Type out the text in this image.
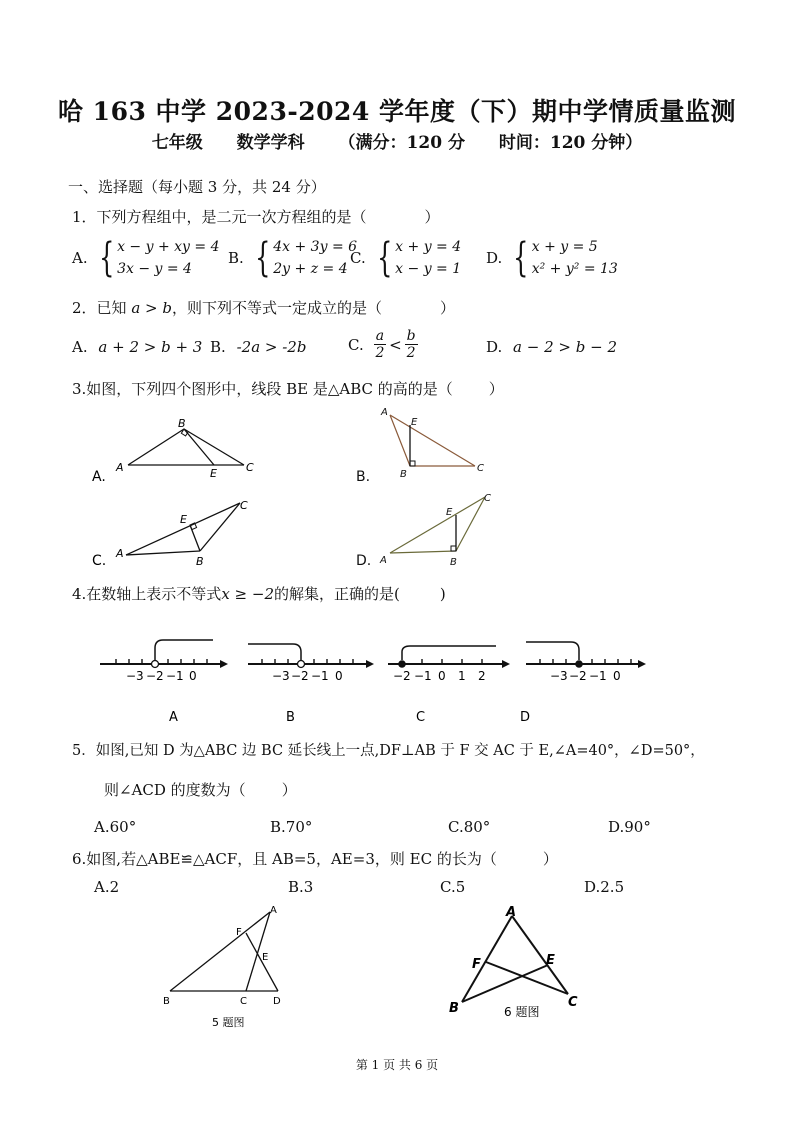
哈 163 中学 2023-2024 学年度（下）期中学情质量监测
七年级 数学学科 （满分：120 分 时间：120 分钟）
一、选择题（每小题 3 分，共 24 分）
1．下列方程组中，是二元一次方程组的是（	）
A. { x − y + xy = 4
3x − y = 4
B. { 4x + 3y = 6
2y + z = 4
C. { x + y = 4
x − y = 1
D. { x + y = 5
x² + y² = 13
2．已知 a > b，则下列不等式一定成立的是（	）
A. a + 2 > b + 3 B. -2a > -2b	C. $\frac{a}{2} < \frac{b}{2}$	D. a − 2 > b − 2
3.如图，下列四个图形中，线段 BE 是△ABC 的高的是（ ）
B
A	E	C
A.
A
E
B
C
B.
E
A
B
C
C.
E
A	B
C
D.
4.在数轴上表示不等式x ≥ −2的解集，正确的是(	)
−3 −2 −1 0
A
−3 −2 −1 0
B
−2 −1 0 1 2
C
−3 −2 −1 0
D
5．如图,已知 D 为△ABC 边 BC 延长线上一点,DF⊥AB 于 F 交 AC 于 E,∠A=40°，∠D=50°，
则∠ACD 的度数为（ ）
A.60°	B.70°	C.80°	D.90°
6.如图,若△ABE≌△ACF，且 AB=5，AE=3，则 EC 的长为（	）
A.2	B.3	C.5	D.2.5
A
F
E
B	C	D
5 题图
A
F	E
B	C
6 题图
第 1 页 共 6 页
